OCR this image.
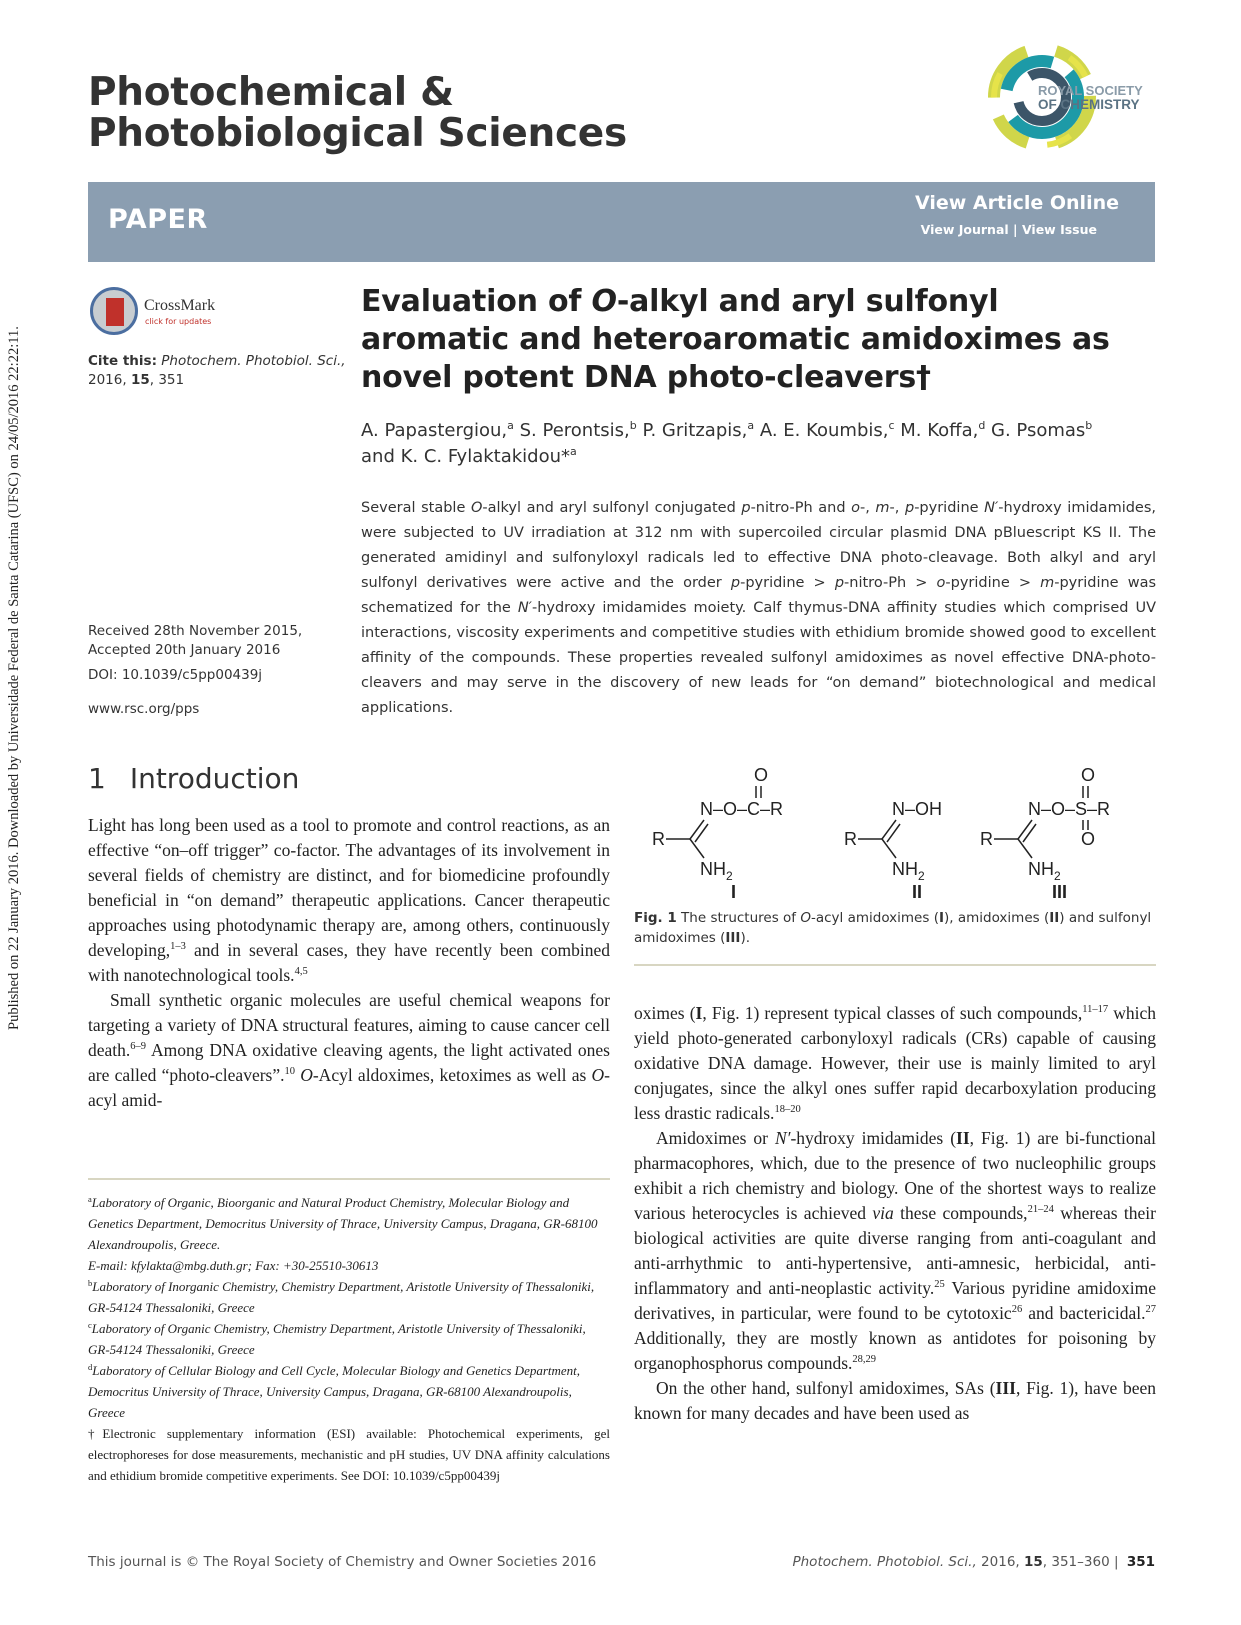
Published on 22 January 2016. Downloaded by Universidade Federal de Santa Catarina (UFSC) on 24/05/2016 22:22:11.
Photochemical &
Photobiological Sciences
ROYAL SOCIETY
OF CHEMISTRY
PAPER
View Article Online
View Journal | View Issue
CrossMark
click for updates
Cite this: Photochem. Photobiol. Sci.,
2016, 15, 351
Evaluation of O-alkyl and aryl sulfonyl aromatic and heteroaromatic amidoximes as novel potent DNA photo-cleavers†
A. Papastergiou,$^a$ S. Perontsis,$^b$ P. Gritzapis,$^a$ A. E. Koumbis,$^c$ M. Koffa,$^d$ G. Psomas$^b$
and K. C. Fylaktakidou*$^a$
Several stable O-alkyl and aryl sulfonyl conjugated p-nitro-Ph and o-, m-, p-pyridine N′-hydroxy imidamides, were subjected to UV irradiation at 312 nm with supercoiled circular plasmid DNA pBluescript KS II. The generated amidinyl and sulfonyloxyl radicals led to effective DNA photo-cleavage. Both alkyl and aryl sulfonyl derivatives were active and the order p-pyridine > p-nitro-Ph > o-pyridine > m-pyridine was schematized for the N′-hydroxy imidamides moiety. Calf thymus-DNA affinity studies which comprised UV interactions, viscosity experiments and competitive studies with ethidium bromide showed good to excellent affinity of the compounds. These properties revealed sulfonyl amidoximes as novel effective DNA-photo-cleavers and may serve in the discovery of new leads for “on demand” biotechnological and medical applications.
Received 28th November 2015,
Accepted 20th January 2016
DOI: 10.1039/c5pp00439j
www.rsc.org/pps
1 Introduction

Light has long been used as a tool to promote and control reactions, as an effective “on–off trigger” co-factor. The advantages of its involvement in several fields of chemistry are distinct, and for biomedicine profoundly beneficial in “on demand” therapeutic applications. Cancer therapeutic approaches using photodynamic therapy are, among others, continuously developing,$^{1-3}$ and in several cases, they have recently been combined with nanotechnological tools.$^{4,5}$

Small synthetic organic molecules are useful chemical weapons for targeting a variety of DNA structural features, aiming to cause cancer cell death.$^{6-9}$ Among DNA oxidative cleaving agents, the light activated ones are called “photo-cleavers”.$^{10}$ O-Acyl aldoximes, ketoximes as well as O-acyl amid-

$^a$Laboratory of Organic, Bioorganic and Natural Product Chemistry, Molecular Biology and Genetics Department, Democritus University of Thrace, University Campus, Dragana, GR-68100 Alexandroupolis, Greece.
E-mail: kfylakta@mbg.duth.gr; Fax: +30-25510-30613
$^b$Laboratory of Inorganic Chemistry, Chemistry Department, Aristotle University of Thessaloniki, GR-54124 Thessaloniki, Greece
$^c$Laboratory of Organic Chemistry, Chemistry Department, Aristotle University of Thessaloniki, GR-54124 Thessaloniki, Greece
$^d$Laboratory of Cellular Biology and Cell Cycle, Molecular Biology and Genetics Department, Democritus University of Thrace, University Campus, Dragana, GR-68100 Alexandroupolis, Greece
†Electronic supplementary information (ESI) available: Photochemical experiments, gel electrophoreses for dose measurements, mechanistic and pH studies, UV DNA affinity calculations and ethidium bromide competitive experiments. See DOI: 10.1039/c5pp00439j
O
N–O–C–R
R
$NH_2$
I
N–OH
R
$NH_2$
II
O
N–O–S–R
O
R
$NH_2$
III
Fig. 1 The structures of O-acyl amidoximes (I), amidoximes (II) and sulfonyl amidoximes (III).

oximes (I, Fig. 1) represent typical classes of such compounds,$^{11-17}$ which yield photo-generated carbonyloxyl radicals (CRs) capable of causing oxidative DNA damage. However, their use is mainly limited to aryl conjugates, since the alkyl ones suffer rapid decarboxylation producing less drastic radicals.$^{18-20}$

Amidoximes or N′-hydroxy imidamides (II, Fig. 1) are bi-functional pharmacophores, which, due to the presence of two nucleophilic groups exhibit a rich chemistry and biology. One of the shortest ways to realize various heterocycles is achieved via these compounds,$^{21-24}$ whereas their biological activities are quite diverse ranging from anti-coagulant and anti-arrhythmic to anti-hypertensive, anti-amnesic, herbicidal, anti-inflammatory and anti-neoplastic activity.$^{25}$ Various pyridine amidoxime derivatives, in particular, were found to be cytotoxic$^{26}$ and bactericidal.$^{27}$ Additionally, they are mostly known as antidotes for poisoning by organophosphorus compounds.$^{28,29}$

On the other hand, sulfonyl amidoximes, SAs (III, Fig. 1), have been known for many decades and have been used as

This journal is © The Royal Society of Chemistry and Owner Societies 2016	Photochem. Photobiol. Sci., 2016, 15, 351–360 | 351
